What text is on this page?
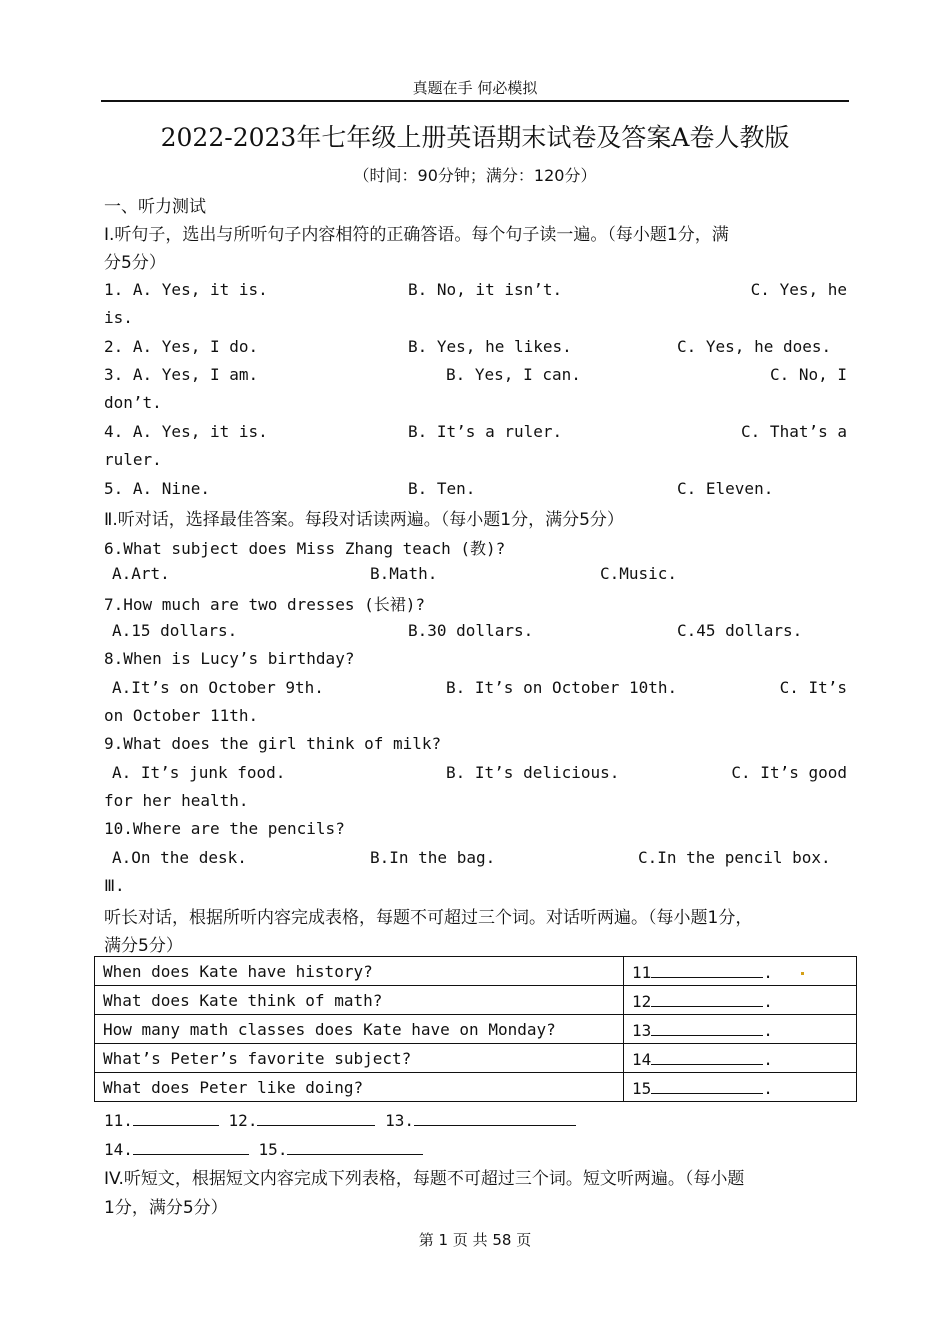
真题在手 何必模拟
2022-2023年七年级上册英语期末试卷及答案A卷人教版
（时间：90分钟；满分：120分）
一、听力测试
Ⅰ.听句子，选出与所听句子内容相符的正确答语。每个句子读一遍。（每小题1分，满
分5分）
1. A. Yes, it is.	B. No, it isn’t.	C. Yes, he
is.
2. A. Yes, I do.	B. Yes, he likes.	C. Yes, he does.
3. A. Yes, I am.	B. Yes, I can.	C. No, I
don’t.
4. A. Yes, it is.	B. It’s a ruler.	C. That’s a
ruler.
5. A. Nine.	B. Ten.	C. Eleven.
Ⅱ.听对话，选择最佳答案。每段对话读两遍。（每小题1分，满分5分）
6.What subject does Miss Zhang teach (教)?
A.Art.	B.Math.	C.Music.
7.How much are two dresses (长裙)?
A.15 dollars.	B.30 dollars.	C.45 dollars.
8.When is Lucy’s birthday?
A.It’s on October 9th.	B. It’s on October 10th.	C. It’s
on October 11th.
9.What does the girl think of milk?
A. It’s junk food.	B. It’s delicious.	C. It’s good
for her health.
10.Where are the pencils?
A.On the desk.	B.In the bag.	C.In the pencil box.
Ⅲ.
听长对话，根据所听内容完成表格，每题不可超过三个词。对话听两遍。（每小题1分，
满分5分）
When does Kate have history?	11 .
What does Kate think of math?	12 .
How many math classes does Kate have on Monday?	13 .
What’s Peter’s favorite subject?	14 .
What does Peter like doing?	15 .
11.	12.	13.
14.	15.
IV.听短文，根据短文内容完成下列表格，每题不可超过三个词。短文听两遍。（每小题
1分，满分5分）
第 1 页 共 58 页
